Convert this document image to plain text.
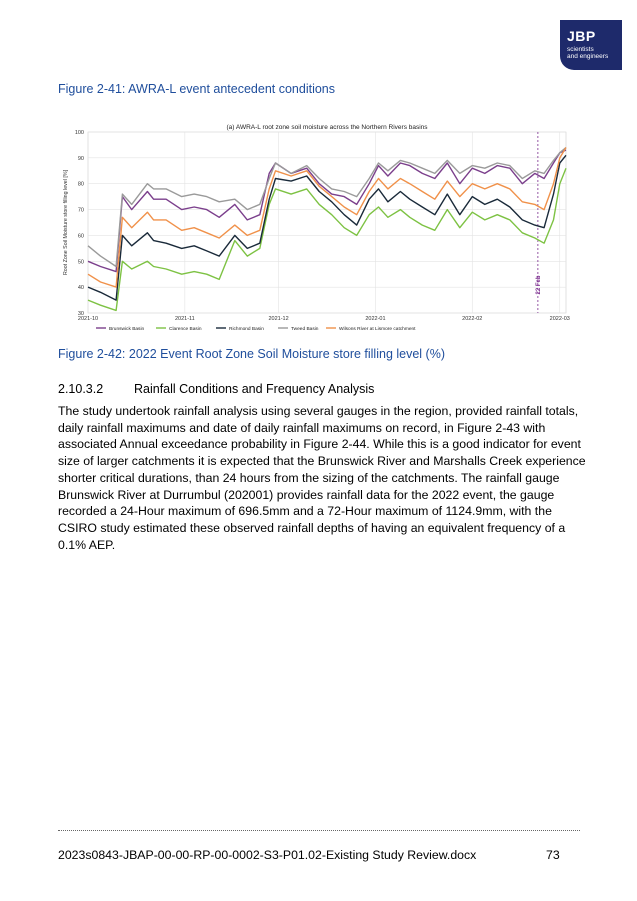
JBP
scientists
and engineers
Figure 2-41: AWRA-L event antecedent conditions
(a) AWRA-L root zone soil moisture across the Northern Rivers basins
30
40
50
60
70
80
90
100
2021-10	2021-11	2021-12	2022-01	2022-02	2022-03
Root Zone Soil Moisture store filling level [%]
22 Feb
Brunswick Basin	Clarence Basin	Richmond Basin	Tweed Basin	Wilsons River at Lismore catchment
Figure 2-42: 2022 Event Root Zone Soil Moisture store filling level (%)
2.10.3.2 Rainfall Conditions and Frequency Analysis
The study undertook rainfall analysis using several gauges in the region, provided rainfall totals, daily rainfall maximums and date of daily rainfall maximums on record, in Figure 2-43 with associated Annual exceedance probability in Figure 2-44. While this is a good indicator for event size of larger catchments it is expected that the Brunswick River and Marshalls Creek experience shorter critical durations, than 24 hours from the sizing of the catchments. The rainfall gauge Brunswick River at Durrumbul (202001) provides rainfall data for the 2022 event, the gauge recorded a 24-Hour maximum of 696.5mm and a 72-Hour maximum of 1124.9mm, with the CSIRO study estimated these observed rainfall depths of having an equivalent frequency of a 0.1% AEP.
2023s0843-JBAP-00-00-RP-00-0002-S3-P01.02-Existing Study Review.docx	73
